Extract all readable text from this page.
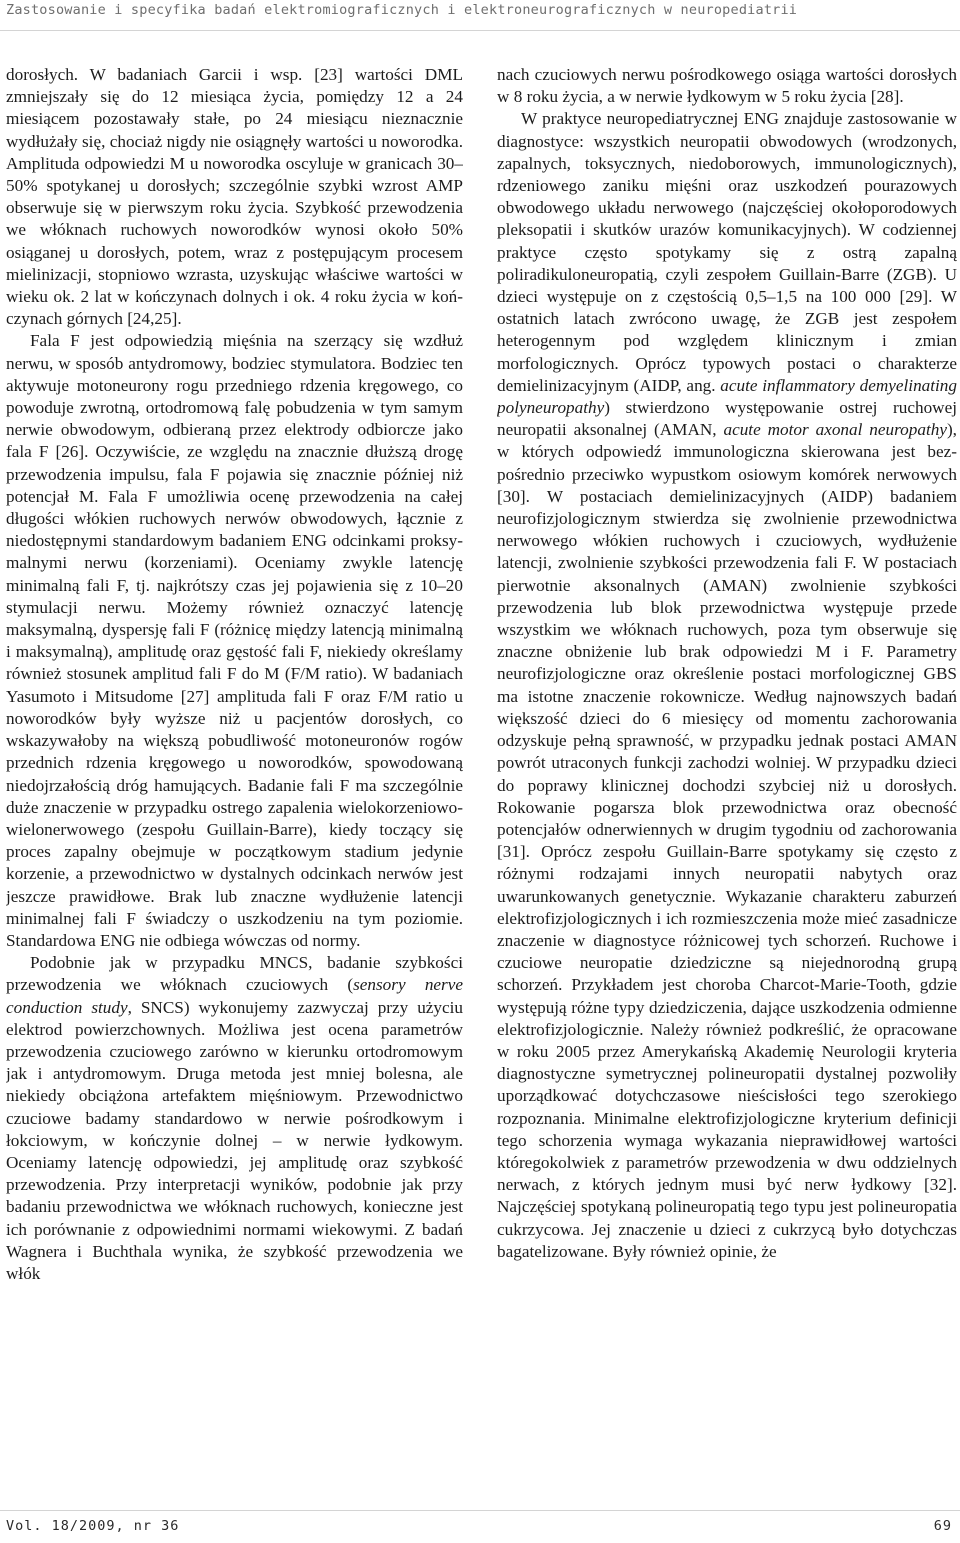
Zastosowanie i specyfika badań elektromiograficznych i elektroneurograficznych w neuropediatrii

dorosłych. W badaniach Garcii i wsp. [23] wartości DML zmniejszały się do 12 miesiąca życia, pomiędzy 12 a 24 miesiącem pozostawały stałe, po 24 miesiącu nieznacznie wydłużały się, chociaż nigdy nie osiągnęły wartości u noworodka. Amplituda odpowiedzi M u noworodka oscyluje w granicach 30–50% spotykanej u dorosłych; szczególnie szybki wzrost AMP obserwuje się w pierwszym roku życia. Szybkość przewodzenia we włóknach ruchowych noworodków wynosi około 50% osiąganej u dorosłych, potem, wraz z postępującym procesem mielinizacji, stopniowo wzrasta, uzyskując właściwe wartości w wieku ok. 2 lat w kończynach dolnych i ok. 4 roku życia w kończynach górnych [24,25].

Fala F jest odpowiedzią mięśnia na szerzący się wzdłuż nerwu, w sposób antydromowy, bodziec stymulatora. Bodziec ten aktywuje motoneurony rogu przedniego rdzenia kręgowego, co powoduje zwrotną, ortodromową falę pobudzenia w tym samym nerwie obwodowym, odbieraną przez elektrody odbiorcze jako fala F [26]. Oczywiście, ze względu na znacznie dłuższą drogę przewodzenia impulsu, fala F pojawia się znacznie później niż potencjał M. Fala F umożliwia ocenę przewodzenia na całej długości włókien ruchowych nerwów obwodowych, łącznie z niedostępnymi standardowym badaniem ENG odcinkami proksymalnymi nerwu (korzeniami). Oceniamy zwykle latencję minimalną fali F, tj. najkrótszy czas jej pojawienia się z 10–20 stymulacji nerwu. Możemy również oznaczyć latencję maksymalną, dyspersję fali F (różnicę między latencją minimalną i maksymalną), amplitudę oraz gęstość fali F, niekiedy określamy również stosunek amplitud fali F do M (F/M ratio). W badaniach Yasumoto i Mitsudome [27] amplituda fali F oraz F/M ratio u noworodków były wyższe niż u pacjentów dorosłych, co wskazywałoby na większą pobudliwość motoneuronów rogów przednich rdzenia kręgowego u noworodków, spowodowaną niedojrzałością dróg hamujących. Badanie fali F ma szczególnie duże znaczenie w przypadku ostrego zapalenia wielokorzeniowo-wielonerwowego (zespołu Guillain-Barre), kiedy toczący się proces zapalny obejmuje w początkowym stadium jedynie korzenie, a przewodnictwo w dystalnych odcinkach nerwów jest jeszcze prawidłowe. Brak lub znaczne wydłużenie latencji minimalnej fali F świadczy o uszkodzeniu na tym poziomie. Standardowa ENG nie odbiega wówczas od normy.

Podobnie jak w przypadku MNCS, badanie szybkości przewodzenia we włóknach czuciowych (sensory nerve conduction study, SNCS) wykonujemy zazwyczaj przy użyciu elektrod powierzchownych. Możliwa jest ocena parametrów przewodzenia czuciowego zarówno w kierunku ortodromowym jak i antydromowym. Druga metoda jest mniej bolesna, ale niekiedy obciążona artefaktem mięśniowym. Przewodnictwo czuciowe badamy standardowo w nerwie pośrodkowym i łokciowym, w kończynie dolnej – w nerwie łydkowym. Oceniamy latencję odpowiedzi, jej amplitudę oraz szybkość przewodzenia. Przy interpretacji wyników, podobnie jak przy badaniu przewodnictwa we włóknach ruchowych, konieczne jest ich porównanie z odpowiednimi normami wiekowymi. Z badań Wagnera i Buchthala wynika, że szybkość przewodzenia we włók

nach czuciowych nerwu pośrodkowego osiąga wartości dorosłych w 8 roku życia, a w nerwie łydkowym w 5 roku życia [28].

W praktyce neuropediatrycznej ENG znajduje zastosowanie w diagnostyce: wszystkich neuropatii obwodowych (wrodzonych, zapalnych, toksycznych, niedoborowych, immunologicznych), rdzeniowego zaniku mięśni oraz uszkodzeń pourazowych obwodowego układu nerwowego (najczęściej okołoporodowych pleksopatii i skutków urazów komunikacyjnych). W codziennej praktyce często spotykamy się z ostrą zapalną poliradikuloneuropatią, czyli zespołem Guillain-Barre (ZGB). U dzieci występuje on z częstością 0,5–1,5 na 100 000 [29]. W ostatnich latach zwrócono uwagę, że ZGB jest zespołem heterogennym pod względem klinicznym i zmian morfologicznych. Oprócz typowych postaci o charakterze demielinizacyjnym (AIDP, ang. acute inflammatory demyelinating polyneuropathy) stwierdzono występowanie ostrej ruchowej neuropatii aksonalnej (AMAN, acute motor axonal neuropathy), w których odpowiedź immunologiczna skierowana jest bezpośrednio przeciwko wypustkom osiowym komórek nerwowych [30]. W postaciach demielinizacyjnych (AIDP) badaniem neurofizjologicznym stwierdza się zwolnienie przewodnictwa nerwowego włókien ruchowych i czuciowych, wydłużenie latencji, zwolnienie szybkości przewodzenia fali F. W postaciach pierwotnie aksonalnych (AMAN) zwolnienie szybkości przewodzenia lub blok przewodnictwa występuje przede wszystkim we włóknach ruchowych, poza tym obserwuje się znaczne obniżenie lub brak odpowiedzi M i F. Parametry neurofizjologiczne oraz określenie postaci morfologicznej GBS ma istotne znaczenie rokownicze. Według najnowszych badań większość dzieci do 6 miesięcy od momentu zachorowania odzyskuje pełną sprawność, w przypadku jednak postaci AMAN powrót utraconych funkcji zachodzi wolniej. W przypadku dzieci do poprawy klinicznej dochodzi szybciej niż u dorosłych. Rokowanie pogarsza blok przewodnictwa oraz obecność potencjałów odnerwiennych w drugim tygodniu od zachorowania [31]. Oprócz zespołu Guillain-Barre spotykamy się często z różnymi rodzajami innych neuropatii nabytych oraz uwarunkowanych genetycznie. Wykazanie charakteru zaburzeń elektrofizjologicznych i ich rozmieszczenia może mieć zasadnicze znaczenie w diagnostyce różnicowej tych schorzeń. Ruchowe i czuciowe neuropatie dziedziczne są niejednorodną grupą schorzeń. Przykładem jest choroba Charcot-Marie-Tooth, gdzie występują różne typy dziedziczenia, dające uszkodzenia odmienne elektrofizjologicznie. Należy również podkreślić, że opracowane w roku 2005 przez Amerykańską Akademię Neurologii kryteria diagnostyczne symetrycznej polineuropatii dystalnej pozwoliły uporządkować dotychczasowe nieścisłości tego szerokiego rozpoznania. Minimalne elektrofizjologiczne kryterium definicji tego schorzenia wymaga wykazania nieprawidłowej wartości któregokolwiek z parametrów przewodzenia w dwu oddzielnych nerwach, z których jednym musi być nerw łydkowy [32]. Najczęściej spotykaną polineuropatią tego typu jest polineuropatia cukrzycowa. Jej znaczenie u dzieci z cukrzycą było dotychczas bagatelizowane. Były również opinie, że

Vol. 18/2009, nr 36	69
